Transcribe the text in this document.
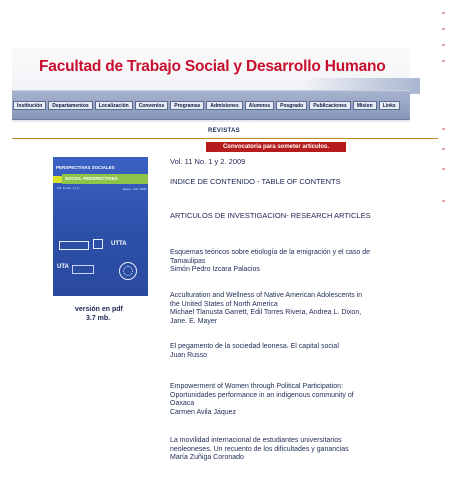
Facultad de Trabajo Social y Desarrollo Humano
Institución	Departamentos	Localización	Convenios	Programas	Admisiones	Alumnos	Posgrado	Publicaciones	Mision	Links
REVISTAS
Convocatoria para someter artículos.
PERSPECTIVAS SOCIALES
SOCIAL PERSPECTIVES
Vol. 11 No. 1 y 2	Enero - Dic. 2009
UTTA
UTA
versión en pdf
3.7 mb.
Vol. 11 No. 1 y 2. 2009
INDICE DE CONTENIDO - TABLE OF CONTENTS
ARTICULOS DE INVESTIGACION- RESEARCH ARTICLES
Esquemas teóricos sobre etiología de la emigración y el caso de Tamaulipas
Simón Pedro Izcara Palacios
Acculturation and Wellness of Native American Adolescents in the United States of North America
Michael Tlanusta Garrett, Edil Torres Rivera, Andrea L. Dixon, Jane. E. Mayer
El pegamento de la sociedad leonesa. El capital social
Juan Russo
Empowerment of Women through Political Participation: Oportunidades performance in an indigenous community of Oaxaca
Carmen Avila Jáquez
La movilidad internacional de estudiantes universitarios neoleoneses. Un recuento de los dificultades y ganancias
María Zuñiga Coronado
